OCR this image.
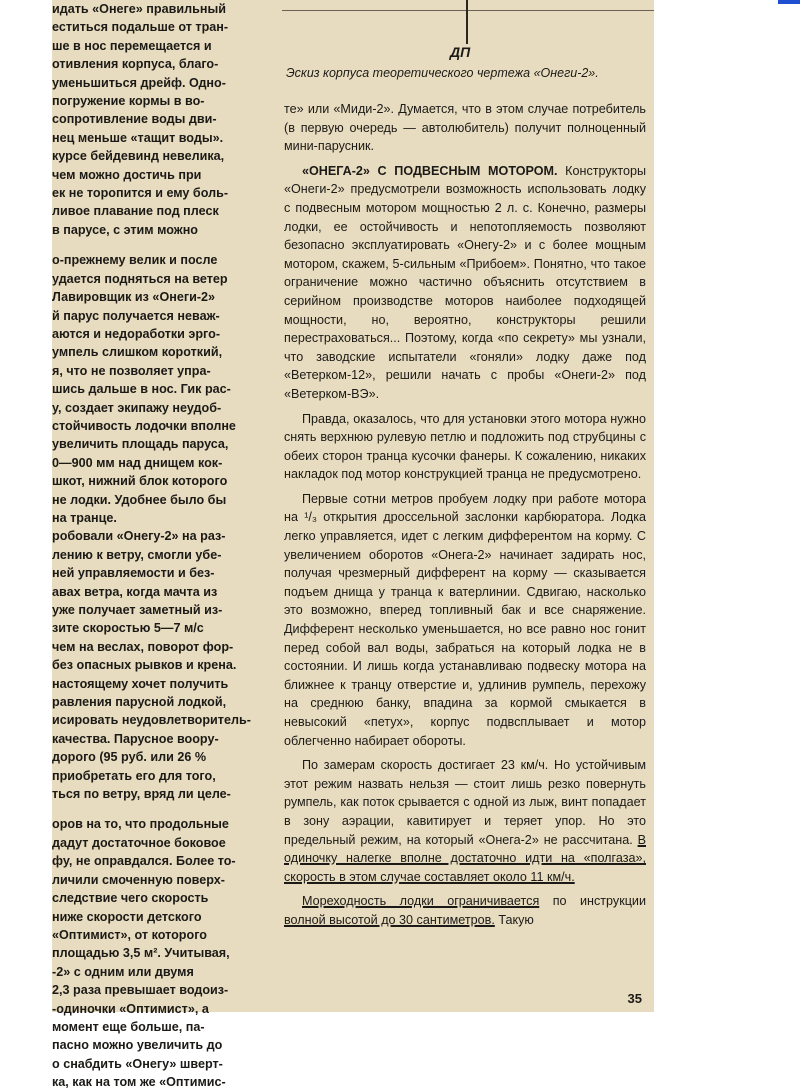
идать «Онеге» правильный

еститься подальше от тран-

ше в нос перемещается и

отивления корпуса, благо-

уменьшиться дрейф. Одно-

погружение кормы в во-

сопротивление воды дви-

нец меньше «тащит воды».

курсе бейдевинд невелика,

чем можно достичь при

ек не торопится и ему боль-

ливое плавание под плеск

в парусе, с этим можно

о-прежнему велик и после

удается подняться на ветер

Лавировщик из «Онеги-2»

й парус получается неваж-

аются и недоработки эрго-

умпель слишком короткий,

я, что не позволяет упра-

шись дальше в нос. Гик рас-

у, создает экипажу неудоб-

стойчивость лодочки вполне

увеличить площадь паруса,

0—900 мм над днищем кок-

шкот, нижний блок которого

не лодки. Удобнее было бы

на транце.

робовали «Онегу-2» на раз-

лению к ветру, смогли убе-

ней управляемости и без-

авах ветра, когда мачта из

уже получает заметный из-

зите скоростью 5—7 м/с

чем на веслах, поворот фор-

без опасных рывков и крена.

настоящему хочет получить

равления парусной лодкой,

исировать неудовлетворитель-

качества. Парусное воору-

дорого (95 руб. или 26 %

приобретать его для того,

ться по ветру, вряд ли целе-

оров на то, что продольные

дадут достаточное боковое

фу, не оправдался. Более то-

личили смоченную поверх-

следствие чего скорость

ниже скорости детского

«Оптимист», от которого

площадью 3,5 м². Учитывая,

-2» с одним или двумя

2,3 раза превышает водоиз-

-одиночки «Оптимист», а

момент еще больше, па-

пасно можно увеличить до

о снабдить «Онегу» шверт-

ка, как на том же «Оптимис-

ДП
Эскиз корпуса теоретического чертежа «Онеги-2».

те» или «Миди-2». Думается, что в этом случае потребитель (в первую очередь — автолюбитель) получит полноценный мини-парусник.

«ОНЕГА-2» С ПОДВЕСНЫМ МОТОРОМ. Конструкторы «Онеги-2» предусмотрели возможность использовать лодку с подвесным мотором мощностью 2 л. с. Конечно, размеры лодки, ее остойчивость и непотопляемость позволяют безопасно эксплуатировать «Онегу-2» и с более мощным мотором, скажем, 5-сильным «Прибоем». Понятно, что такое ограничение можно частично объяснить отсутствием в серийном производстве моторов наиболее подходящей мощности, но, вероятно, конструкторы решили перестраховаться... Поэтому, когда «по секрету» мы узнали, что заводские испытатели «гоняли» лодку даже под «Ветерком-12», решили начать с пробы «Онеги-2» под «Ветерком-ВЭ».

Правда, оказалось, что для установки этого мотора нужно снять верхнюю рулевую петлю и подложить под струбцины с обеих сторон транца кусочки фанеры. К сожалению, никаких накладок под мотор конструкцией транца не предусмотрено.

Первые сотни метров пробуем лодку при работе мотора на ¹/₃ открытия дроссельной заслонки карбюратора. Лодка легко управляется, идет с легким дифферентом на корму. С увеличением оборотов «Онега-2» начинает задирать нос, получая чрезмерный дифферент на корму — сказывается подъем днища у транца к ватерлинии. Сдвигаю, насколько это возможно, вперед топливный бак и все снаряжение. Дифферент несколько уменьшается, но все равно нос гонит перед собой вал воды, забраться на который лодка не в состоянии. И лишь когда устанавливаю подвеску мотора на ближнее к транцу отверстие и, удлинив румпель, перехожу на среднюю банку, впадина за кормой смыкается в невысокий «петух», корпус подвсплывает и мотор облегченно набирает обороты.

По замерам скорость достигает 23 км/ч. Но устойчивым этот режим назвать нельзя — стоит лишь резко повернуть румпель, как поток срывается с одной из лыж, винт попадает в зону аэрации, кавитирует и теряет упор. Но это предельный режим, на который «Онега-2» не рассчитана. В одиночку налегке вполне достаточно идти на «полгаза», скорость в этом случае составляет около 11 км/ч.

Мореходность лодки ограничивается по инструкции волной высотой до 30 сантиметров. Такую

35
